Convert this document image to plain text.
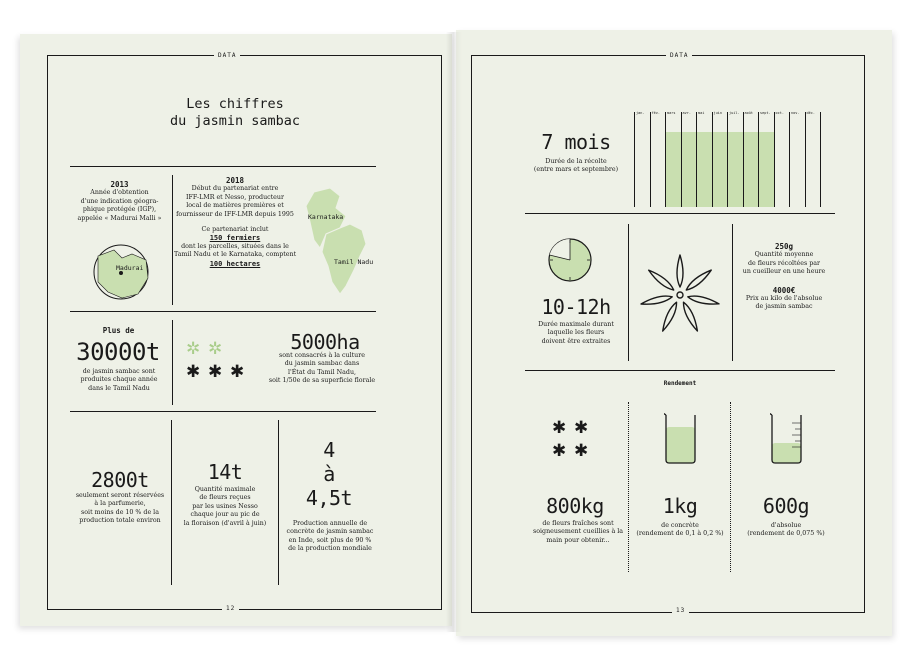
DATA
12
Les chiffres
du jasmin sambac
2013
Année d'obtention
d'une indication géogra-
phique protégée (IGP),
appelée « Madurai Malli »
Madurai
2018
Début du partenariat entre
IFF-LMR et Nesso, producteur
local de matières premières et
fournisseur de IFF-LMR depuis 1995
Ce partenariat inclut
150 fermiers
dont les parcelles, situées dans le
Tamil Nadu et le Karnataka, comptent
100 hectares
Karnataka
Tamil Nadu
Plus de
30000t
de jasmin sambac sont
produites chaque année
dans le Tamil Nadu
✲ ✲
✱ ✱ ✱
5000ha
sont consacrés à la culture
du jasmin sambac dans
l'État du Tamil Nadu,
soit 1/50e de sa superficie florale
2800t
seulement seront réservées
à la parfumerie,
soit moins de 10 % de la
production totale environ
14t
Quantité maximale
de fleurs reçues
par les usines Nesso
chaque jour au pic de
la floraison (d'avril à juin)
4
à
4,5t
Production annuelle de
concrète de jasmin sambac
en Inde, soit plus de 90 %
de la production mondiale
DATA
13
7 mois
Durée de la récolte
(entre mars et septembre)
jan. fév. mars avr. mai	juin juil. août sept. oct. nov. déc.
10-12h
Durée maximale durant
laquelle les fleurs
doivent être extraites
250g
Quantité moyenne
de fleurs récoltées par
un cueilleur en une heure
4000€
Prix au kilo de l'absolue
de jasmin sambac
Rendement
✱ ✱
✱ ✱
800kg
de fleurs fraîches sont
soigneusement cueillies à la
main pour obtenir...
1kg
de concrète
(rendement de 0,1 à 0,2 %)
600g
d'absolue
(rendement de 0,075 %)
